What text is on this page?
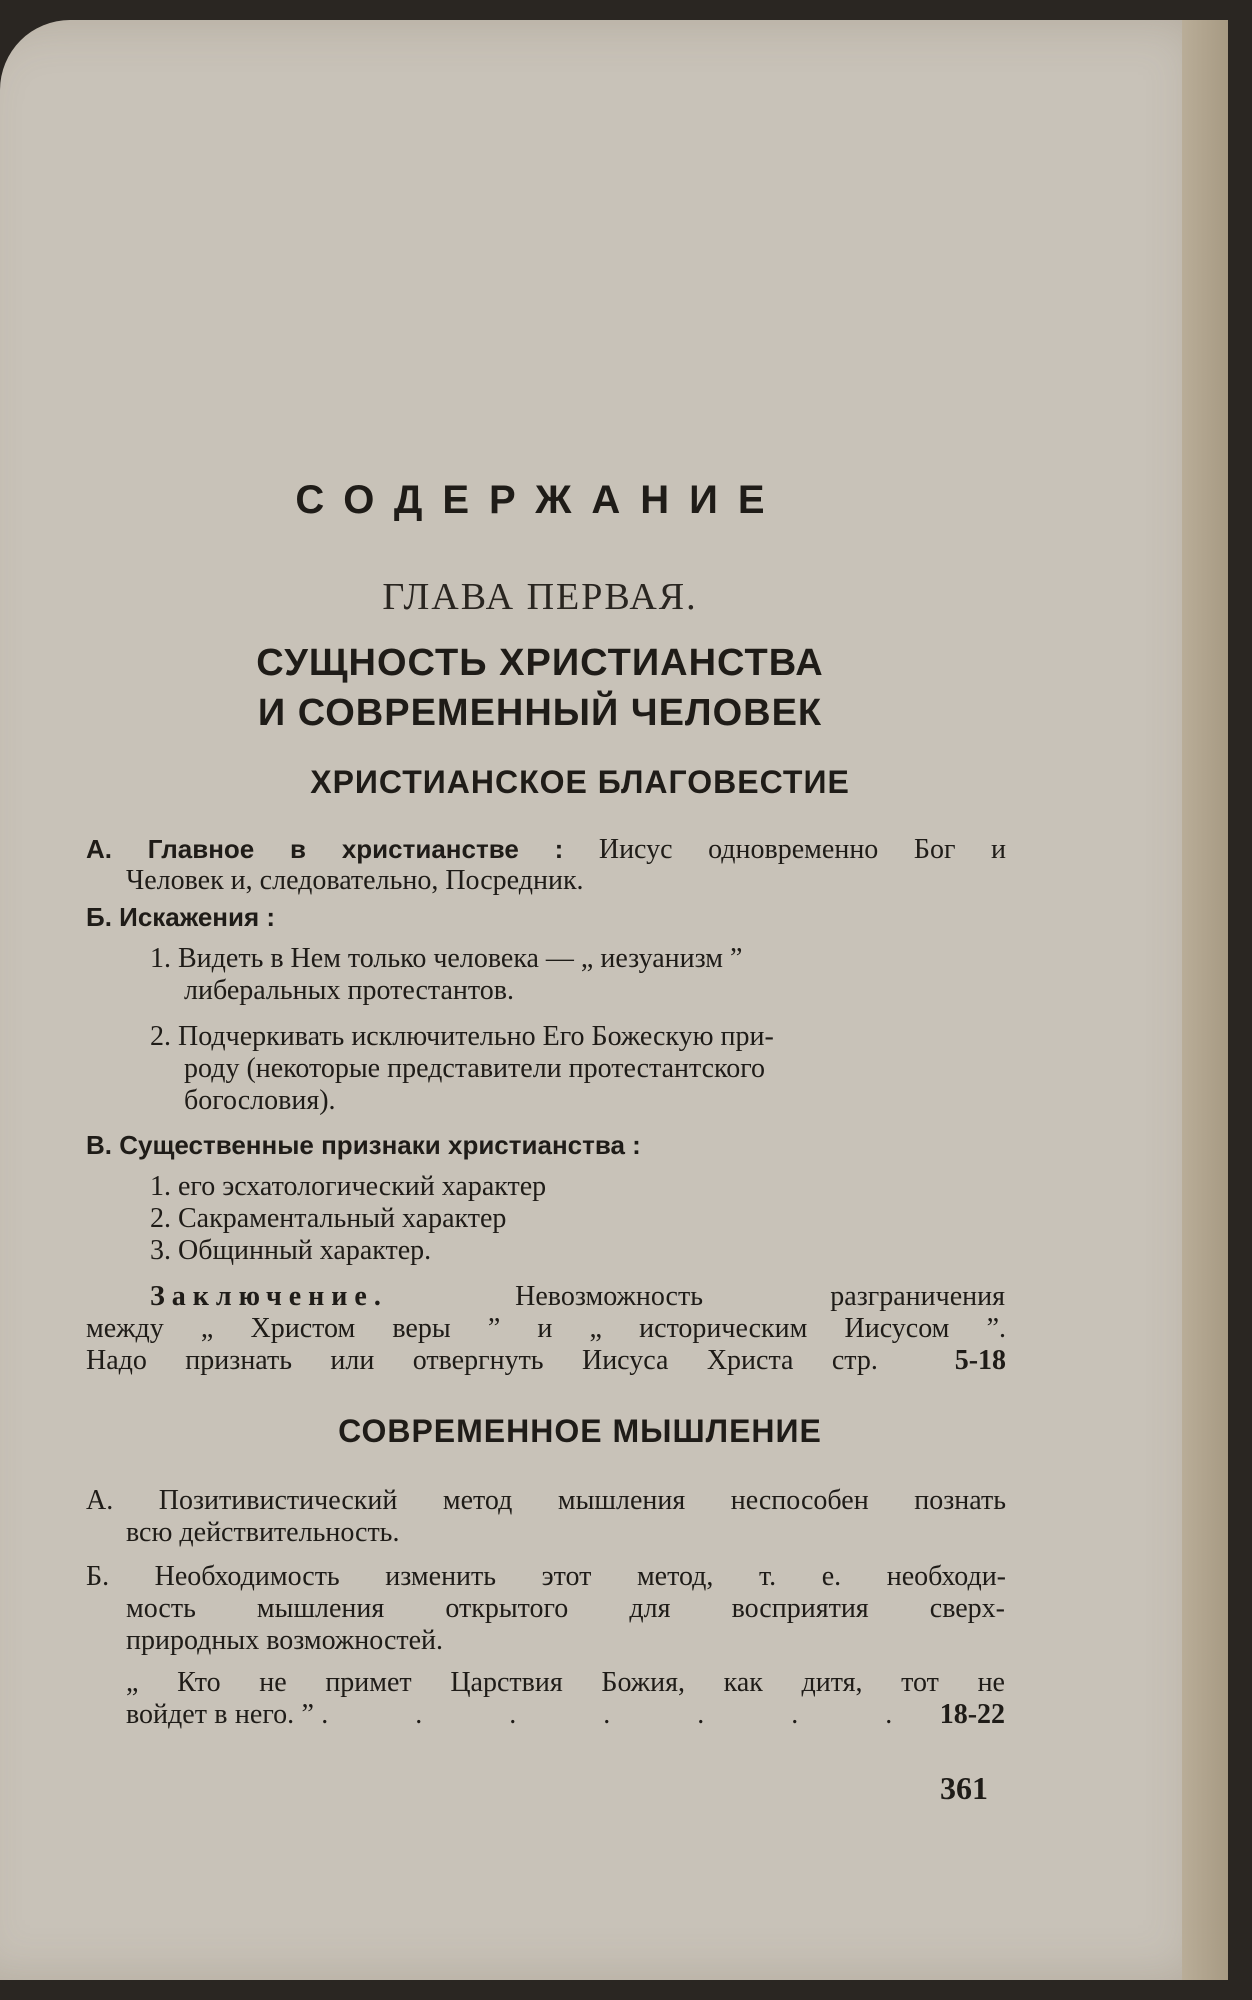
СОДЕРЖАНИЕ
ГЛАВА ПЕРВАЯ.
СУЩНОСТЬ ХРИСТИАНСТВА
И СОВРЕМЕННЫЙ ЧЕЛОВЕК
ХРИСТИАНСКОЕ БЛАГОВЕСТИЕ
А. Главное в христианстве : Иисус одновременно Бог и
Человек и, следовательно, Посредник.
Б. Искажения :
1. Видеть в Нем только человека — „ иезуанизм ”
либеральных протестантов.
2. Подчеркивать исключительно Его Божескую при-
роду (некоторые представители протестантского
богословия).
В. Существенные признаки христианства :
1. его эсхатологический характер
2. Сакраментальный характер
3. Общинный характер.
Заключение.	Невозможность разграничения
между „ Христом веры ” и „ историческим Иисусом ”.
Надо признать или отвергнуть Иисуса Христа стр.	5-18
СОВРЕМЕННОЕ МЫШЛЕНИЕ
А. Позитивистический метод мышления неспособен познать
всю действительность.
Б. Необходимость изменить этот метод, т. е. необходи-
мость мышления открытого для восприятия сверх-
природных возможностей.
„ Кто не примет Царствия Божия, как дитя, тот не
войдет в него. ” . . . . . . . 18-22
361
